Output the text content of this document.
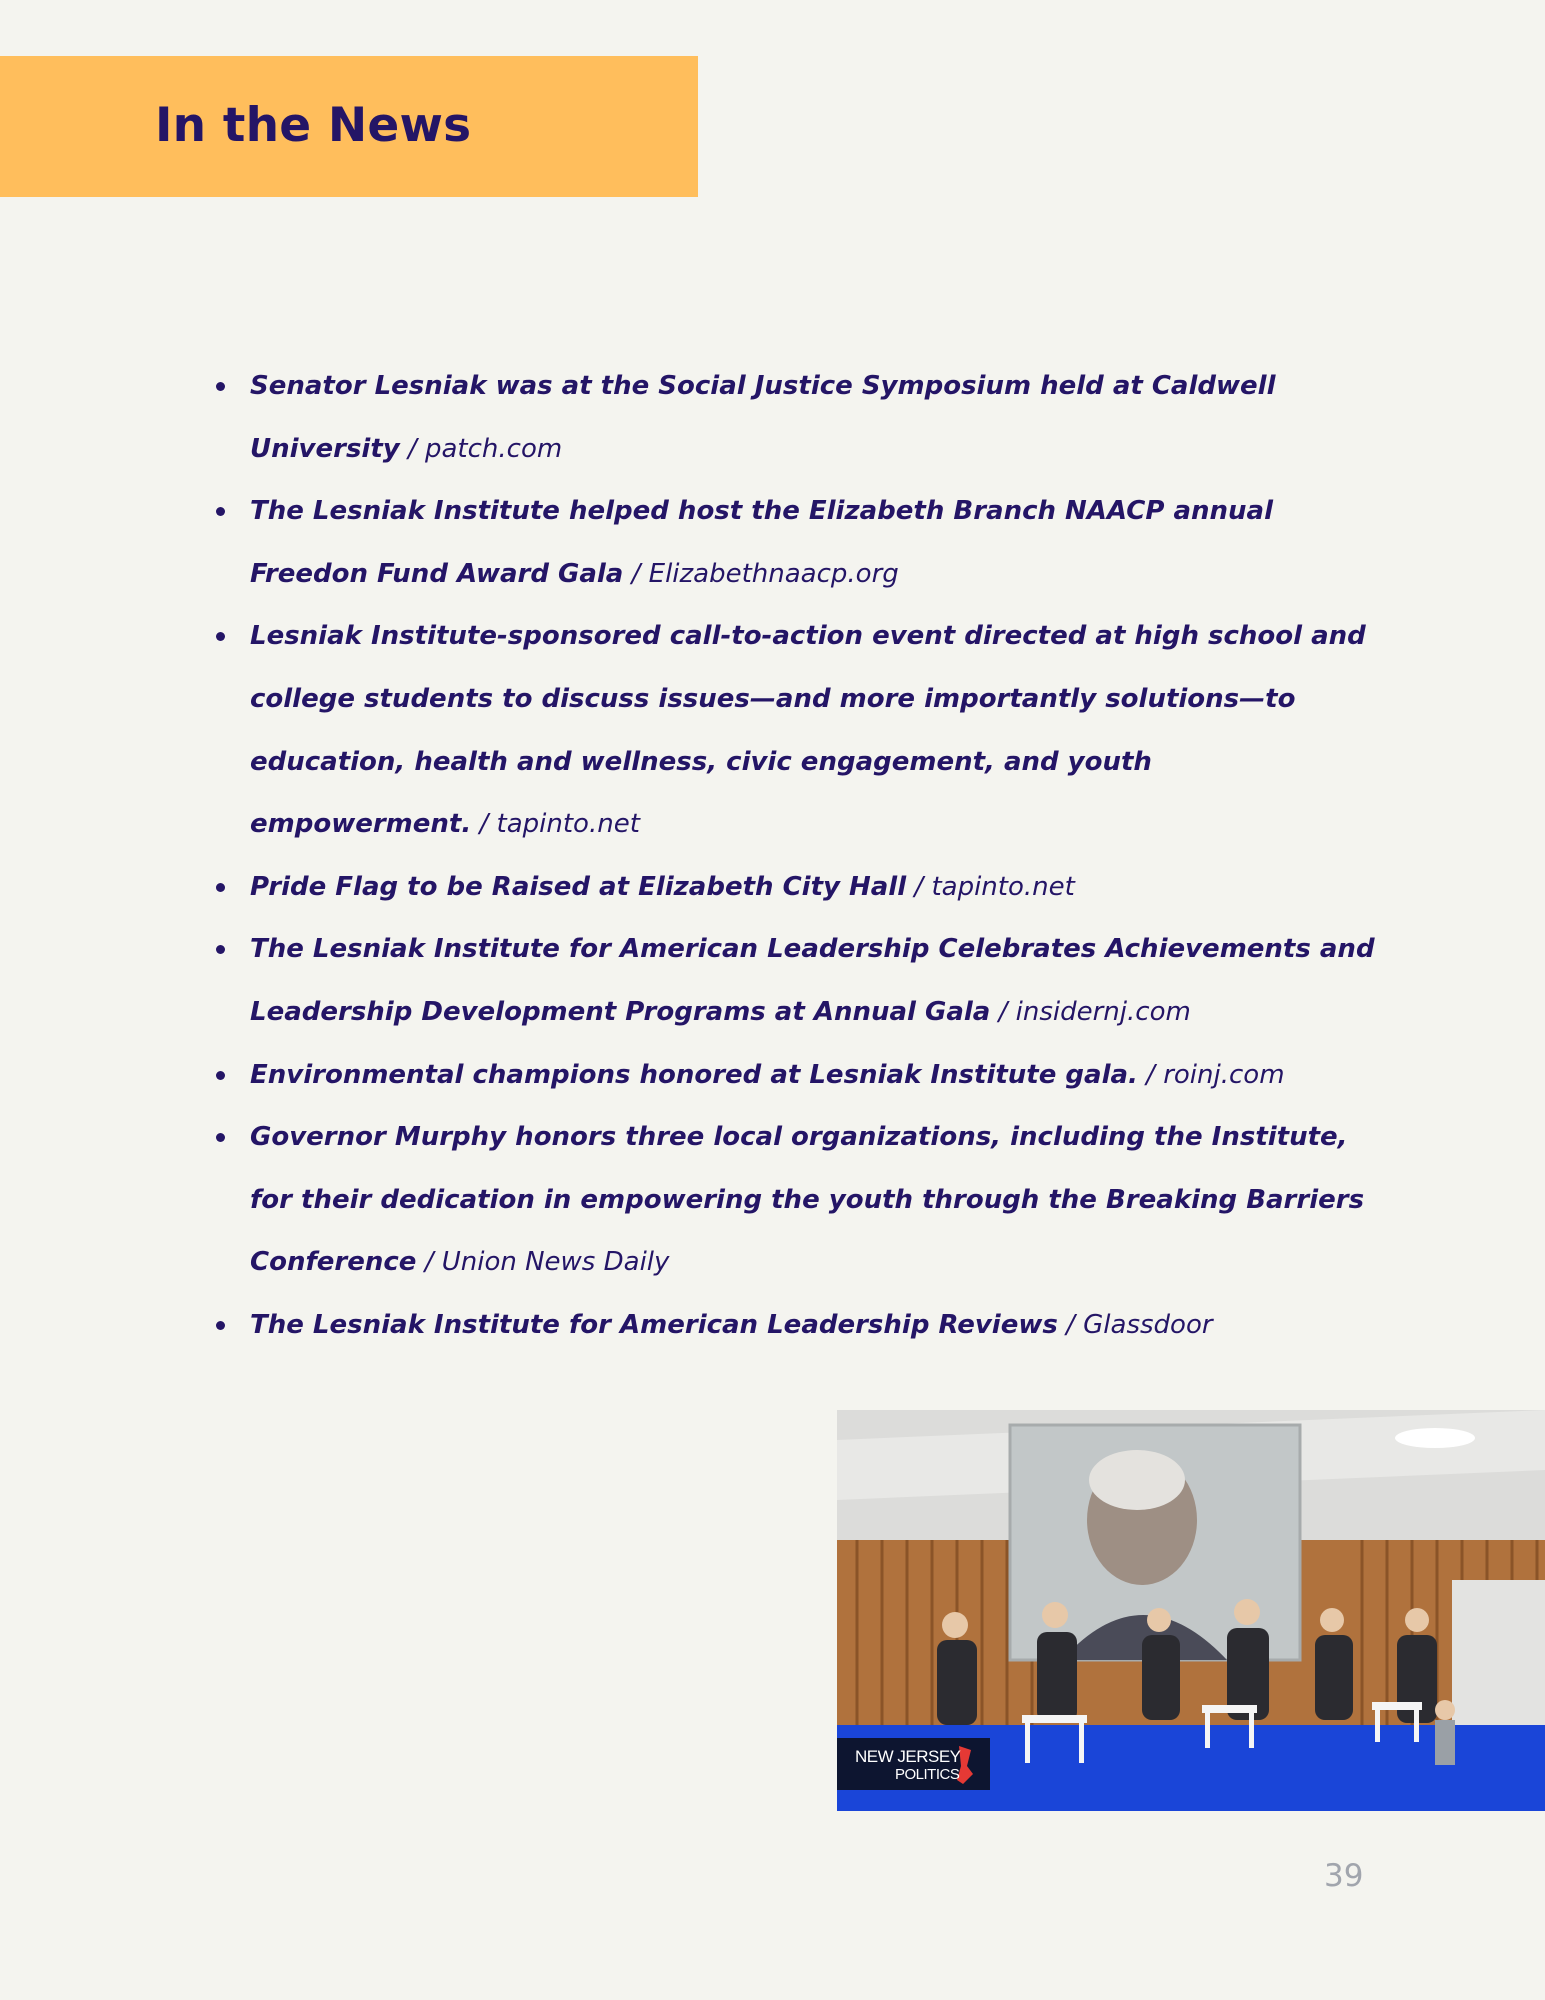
In the News
Senator Lesniak was at the Social Justice Symposium held at Caldwell University / patch.com
The Lesniak Institute helped host the Elizabeth Branch NAACP annual Freedon Fund Award Gala / Elizabethnaacp.org
Lesniak Institute-sponsored call-to-action event directed at high school and college students to discuss issues—and more importantly solutions—to education, health and wellness, civic engagement, and youth empowerment. / tapinto.net
Pride Flag to be Raised at Elizabeth City Hall / tapinto.net
The Lesniak Institute for American Leadership Celebrates Achievements and Leadership Development Programs at Annual Gala / insidernj.com
Environmental champions honored at Lesniak Institute gala. / roinj.com
Governor Murphy honors three local organizations, including the Institute, for their dedication in empowering the youth through the Breaking Barriers Conference / Union News Daily
The Lesniak Institute for American Leadership Reviews / Glassdoor
NEW JERSEY
POLITICS
39
